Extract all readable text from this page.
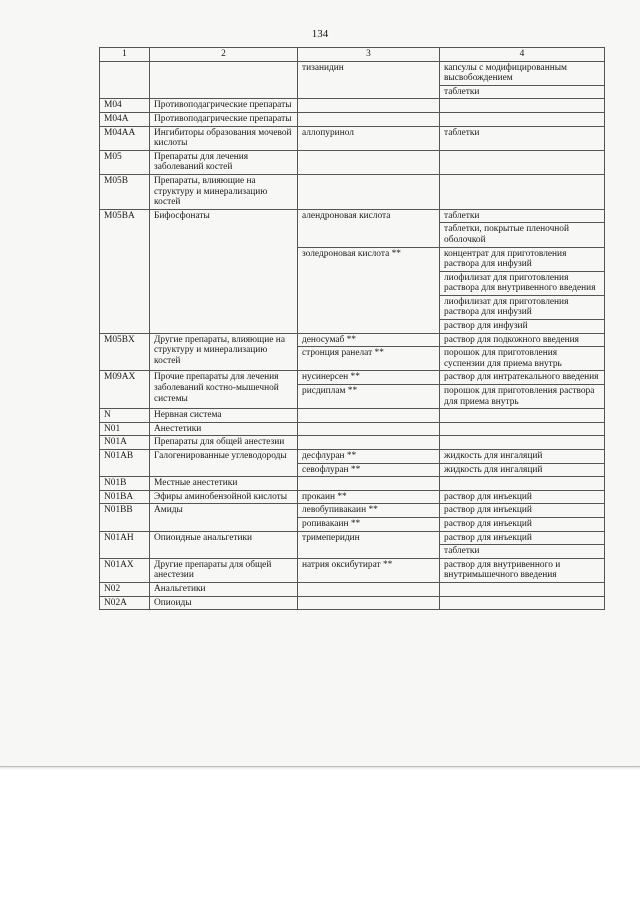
134
1	2	3	4
		тизанидин	капсулы с модифицированным высвобождением
			таблетки
M04	Противоподагрические препараты		
M04A	Противоподагрические препараты		
M04AA	Ингибиторы образования мочевой кислоты	аллопуринол	таблетки
M05	Препараты для лечения заболеваний костей		
M05B	Препараты, влияющие на структуру и минерализацию костей		
M05BA	Бифосфонаты	алендроновая кислота	таблетки
			таблетки, покрытые пленочной оболочкой
		золедроновая кислота **	концентрат для приготовления раствора для инфузий
			лиофилизат для приготовления раствора для внутривенного введения
			лиофилизат для приготовления раствора для инфузий
			раствор для инфузий
M05BX	Другие препараты, влияющие на структуру и минерализацию костей	деносумаб **	раствор для подкожного введения
		стронция ранелат **	порошок для приготовления суспензии для приема внутрь
M09AX	Прочие препараты для лечения заболеваний костно-мышечной системы	нусинерсен **	раствор для интратекального введения
		рисдиплам **	порошок для приготовления раствора для приема внутрь
N	Нервная система		
N01	Анестетики		
N01A	Препараты для общей анестезии		
N01AB	Галогенированные углеводороды	десфлуран **	жидкость для ингаляций
		севофлуран **	жидкость для ингаляций
N01B	Местные анестетики		
N01BA	Эфиры аминобензойной кислоты	прокаин **	раствор для инъекций
N01BB	Амиды	левобупивакаин **	раствор для инъекций
		ропивакаин **	раствор для инъекций
N01AH	Опиоидные анальгетики	тримеперидин	раствор для инъекций
			таблетки
N01AX	Другие препараты для общей анестезии	натрия оксибутират **	раствор для внутривенного и внутримышечного введения
N02	Анальгетики		
N02A	Опиоиды		
